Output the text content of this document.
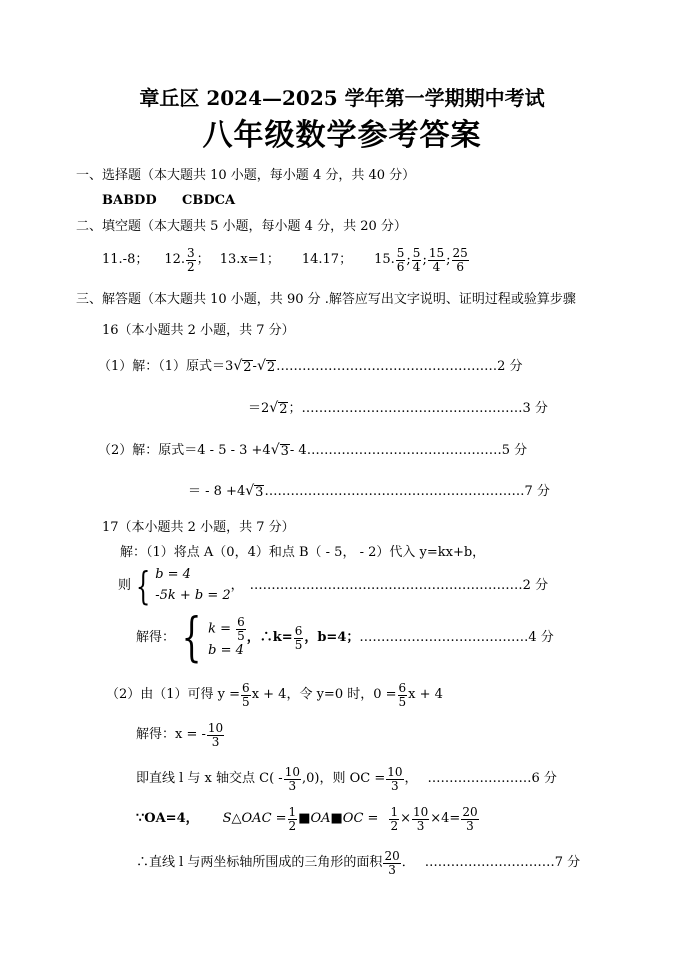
章丘区 2024—2025 学年第一学期期中考试
八年级数学参考答案
一、选择题（本大题共 10 小题，每小题 4 分，共 40 分）
BABDD CBDCA
二、填空题（本大题共 5 小题，每小题 4 分，共 20 分）
11.-8； 12. $\frac{3}{2}$ ； 13.x=1； 14.17； 15. $\frac{5}{6}$ ; $\frac{5}{4}$ ; $\frac{15}{4}$ ; $\frac{25}{6}$
三、解答题（本大题共 10 小题，共 90 分 .解答应写出文字说明、证明过程或验算步骤
16（本小题共 2 小题，共 7 分）
（1）解：（1）原式＝ 3 √ 2 - √ 2 ……………………………………………2 分
＝2 √ 2 ； ……………………………………………3 分
（2）解：原式＝4 - 5 - 3 +4 √ 3 - 4 ………………………………………5 分
＝ - 8 +4 √ 3 ……………………………………………………7 分
17（本小题共 2 小题，共 7 分）
解：（1）将点 A（0，4）和点 B（ - 5， - 2）代入 y=kx+b，
则 { b = 4
-5k + b = 2
， ………………………………………………………2 分
解得： { $k = \frac{6}{5}$
b = 4
，∴k= $\frac{6}{5}$ ，b=4； …………………………………4 分
（2）由（1）可得 $y = \frac{6}{5}$ x + 4，令 y=0 时，$0 = \frac{6}{5}$ x + 4
解得：x = - $\frac{10}{3}$
即直线 l 与 x 轴交点 $C( - \frac{10}{3} ,0)$，则 OC = $\frac{10}{3}$ ， ……………………6 分
∵OA=4， S△OAC = $\frac{1}{2}$ ■OA■OC = $\frac{1}{2} \times \frac{10}{3} \times 4= \frac{20}{3}$
∴直线 l 与两坐标轴所围成的三角形的面积 $\frac{20}{3}$ ． …………………………7 分
